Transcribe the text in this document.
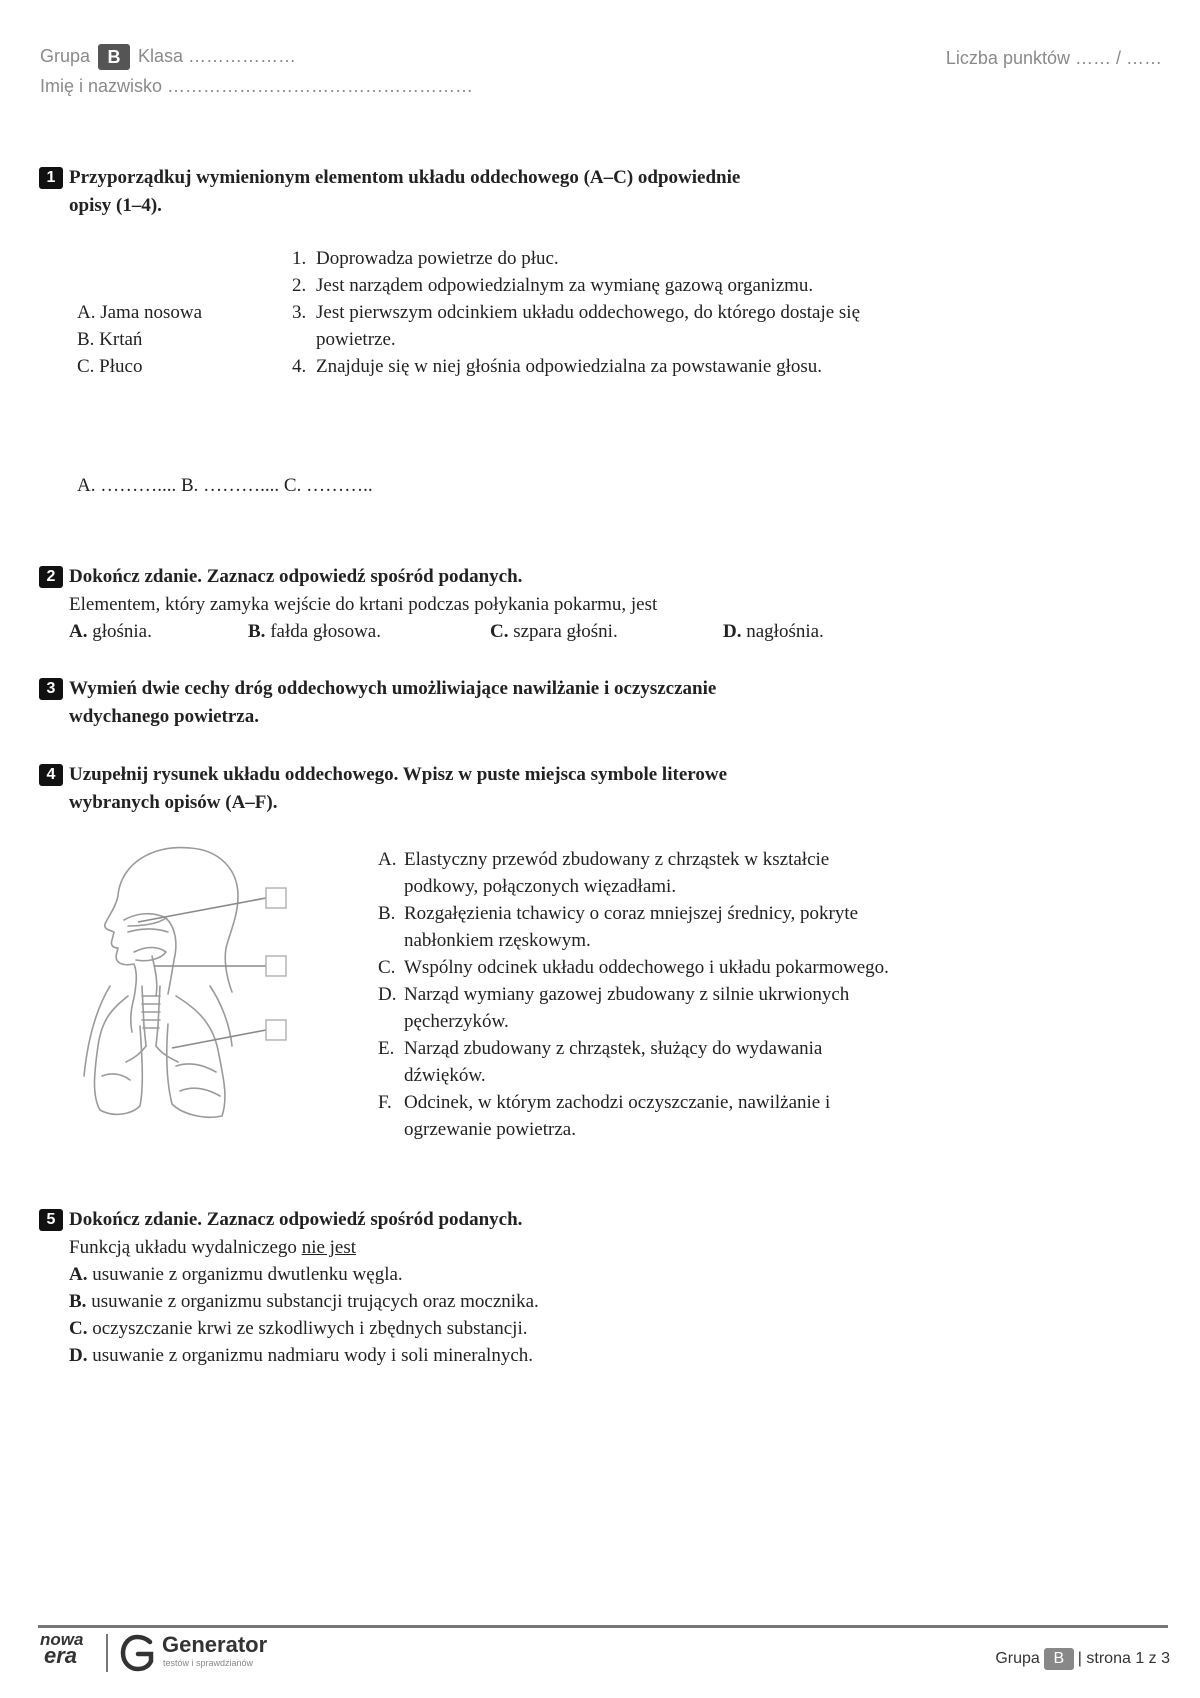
Grupa B Klasa ………………
Imię i nazwisko ……………………………………………
Liczba punktów …… / ……
1 Przyporządkuj wymienionym elementom układu oddechowego (A–C) odpowiednie
opisy (1–4).
A. Jama nosowa
B. Krtań
C. Płuco
1. Doprowadza powietrze do płuc.
2. Jest narządem odpowiedzialnym za wymianę gazową organizmu.
3. Jest pierwszym odcinkiem układu oddechowego, do którego dostaje się powietrze.
4. Znajduje się w niej głośnia odpowiedzialna za powstawanie głosu.
A. ……….... B. ……….... C. ………..
2 Dokończ zdanie. Zaznacz odpowiedź spośród podanych.
Elementem, który zamyka wejście do krtani podczas połykania pokarmu, jest
A. głośnia.	B. fałda głosowa.	C. szpara głośni.	D. nagłośnia.
3 Wymień dwie cechy dróg oddechowych umożliwiające nawilżanie i oczyszczanie
wdychanego powietrza.
4 Uzupełnij rysunek układu oddechowego. Wpisz w puste miejsca symbole literowe
wybranych opisów (A–F).
A. Elastyczny przewód zbudowany z chrząstek w kształcie podkowy, połączonych więzadłami.
B. Rozgałęzienia tchawicy o coraz mniejszej średnicy, pokryte nabłonkiem rzęskowym.
C. Wspólny odcinek układu oddechowego i układu pokarmowego.
D. Narząd wymiany gazowej zbudowany z silnie ukrwionych pęcherzyków.
E. Narząd zbudowany z chrząstek, służący do wydawania dźwięków.
F. Odcinek, w którym zachodzi oczyszczanie, nawilżanie i ogrzewanie powietrza.
5 Dokończ zdanie. Zaznacz odpowiedź spośród podanych.
Funkcją układu wydalniczego nie jest
A. usuwanie z organizmu dwutlenku węgla.
B. usuwanie z organizmu substancji trujących oraz mocznika.
C. oczyszczanie krwi ze szkodliwych i zbędnych substancji.
D. usuwanie z organizmu nadmiaru wody i soli mineralnych.
nowa
era	Generator
testów i sprawdzianów	Grupa B | strona 1 z 3
